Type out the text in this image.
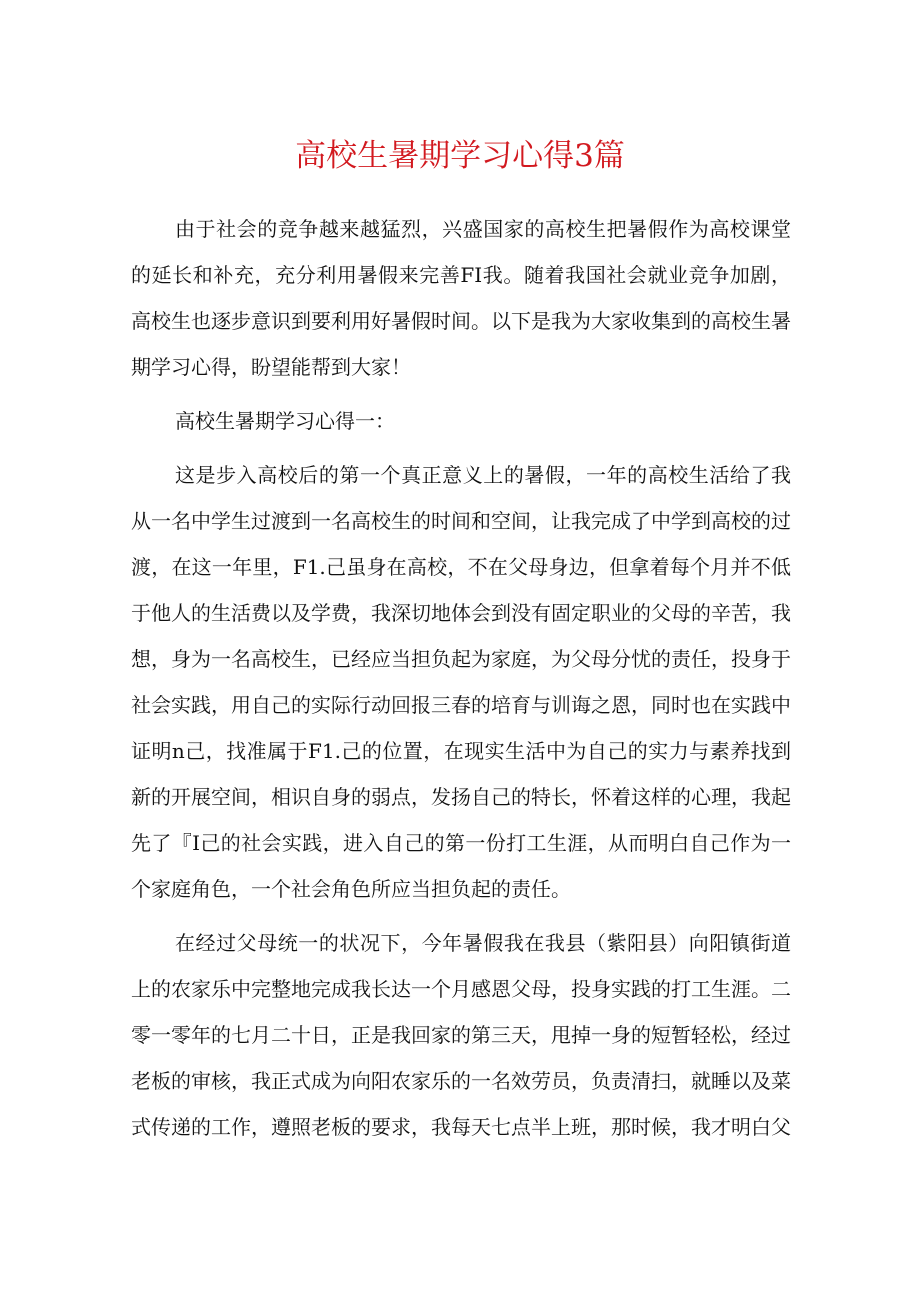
高校生暑期学习心得3篇

由于社会的竞争越来越猛烈，兴盛国家的高校生把暑假作为高校课堂的延长和补充，充分利用暑假来完善FI我。随着我国社会就业竞争加剧，高校生也逐步意识到要利用好暑假时间。以下是我为大家收集到的高校生暑期学习心得，盼望能帮到大家！

高校生暑期学习心得一：

这是步入高校后的第一个真正意义上的暑假，一年的高校生活给了我从一名中学生过渡到一名高校生的时间和空间，让我完成了中学到高校的过渡，在这一年里，F1.己虽身在高校，不在父母身边，但拿着每个月并不低于他人的生活费以及学费，我深切地体会到没有固定职业的父母的辛苦，我想，身为一名高校生，已经应当担负起为家庭，为父母分忧的责任，投身于社会实践，用自己的实际行动回报三春的培育与训诲之恩，同时也在实践中证明n己，找准属于F1.己的位置，在现实生活中为自己的实力与素养找到新的开展空间，相识自身的弱点，发扬自己的特长，怀着这样的心理，我起先了『I己的社会实践，进入自己的第一份打工生涯，从而明白自己作为一个家庭角色，一个社会角色所应当担负起的责任。

在经过父母统一的状况下，今年暑假我在我县（紫阳县）向阳镇街道上的农家乐中完整地完成我长达一个月感恩父母，投身实践的打工生涯。二零一零年的七月二十日，正是我回家的第三天，甩掉一身的短暂轻松，经过老板的审核，我正式成为向阳农家乐的一名效劳员，负责清扫，就睡以及菜式传递的工作，遵照老板的要求，我每天七点半上班，那时候，我才明白父
